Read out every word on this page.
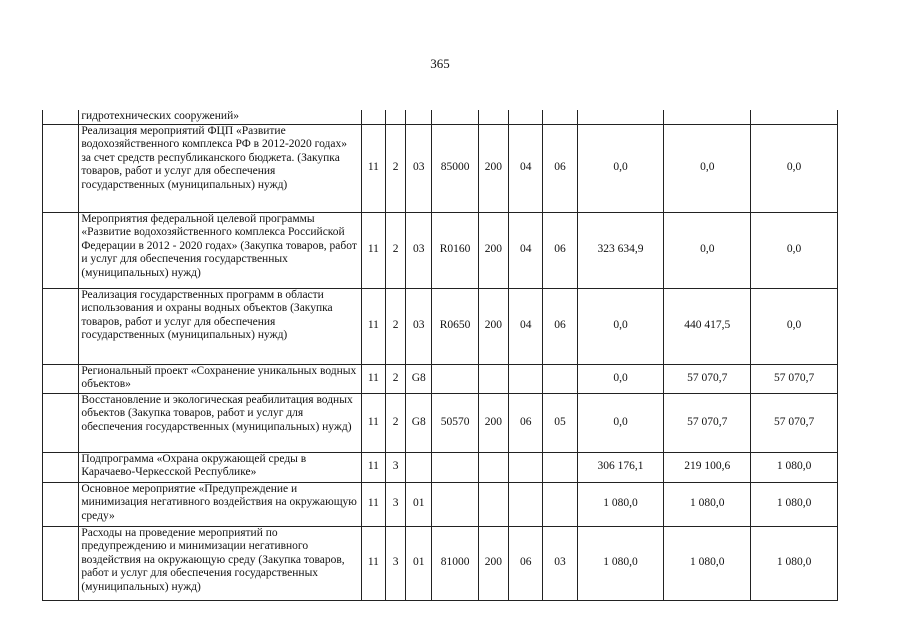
365
	гидротехнических сооружений»										
	Реализация мероприятий ФЦП «Развитие водохозяйственного комплекса РФ в 2012-2020 годах» за счет средств республиканского бюджета. (Закупка товаров, работ и услуг для обеспечения государственных (муниципальных) нужд)	11	2	03	85000	200	04	06	0,0	0,0	0,0
	Мероприятия федеральной целевой программы «Развитие водохозяйственного комплекса Российской Федерации в 2012 - 2020 годах» (Закупка товаров, работ и услуг для обеспечения государственных (муниципальных) нужд)	11	2	03	R0160	200	04	06	323 634,9	0,0	0,0
	Реализация государственных программ в области использования и охраны водных объектов (Закупка товаров, работ и услуг для обеспечения государственных (муниципальных) нужд)	11	2	03	R0650	200	04	06	0,0	440 417,5	0,0
	Региональный проект «Сохранение уникальных водных объектов»	11	2	G8					0,0	57 070,7	57 070,7
	Восстановление и экологическая реабилитация водных объектов (Закупка товаров, работ и услуг для обеспечения государственных (муниципальных) нужд)	11	2	G8	50570	200	06	05	0,0	57 070,7	57 070,7
	Подпрограмма «Охрана окружающей среды в Карачаево-Черкесской Республике»	11	3						306 176,1	219 100,6	1 080,0
	Основное мероприятие «Предупреждение и минимизация негативного воздействия на окружающую среду»	11	3	01					1 080,0	1 080,0	1 080,0
	Расходы на проведение мероприятий по предупреждению и минимизации негативного воздействия на окружающую среду (Закупка товаров, работ и услуг для обеспечения государственных (муниципальных) нужд)	11	3	01	81000	200	06	03	1 080,0	1 080,0	1 080,0
